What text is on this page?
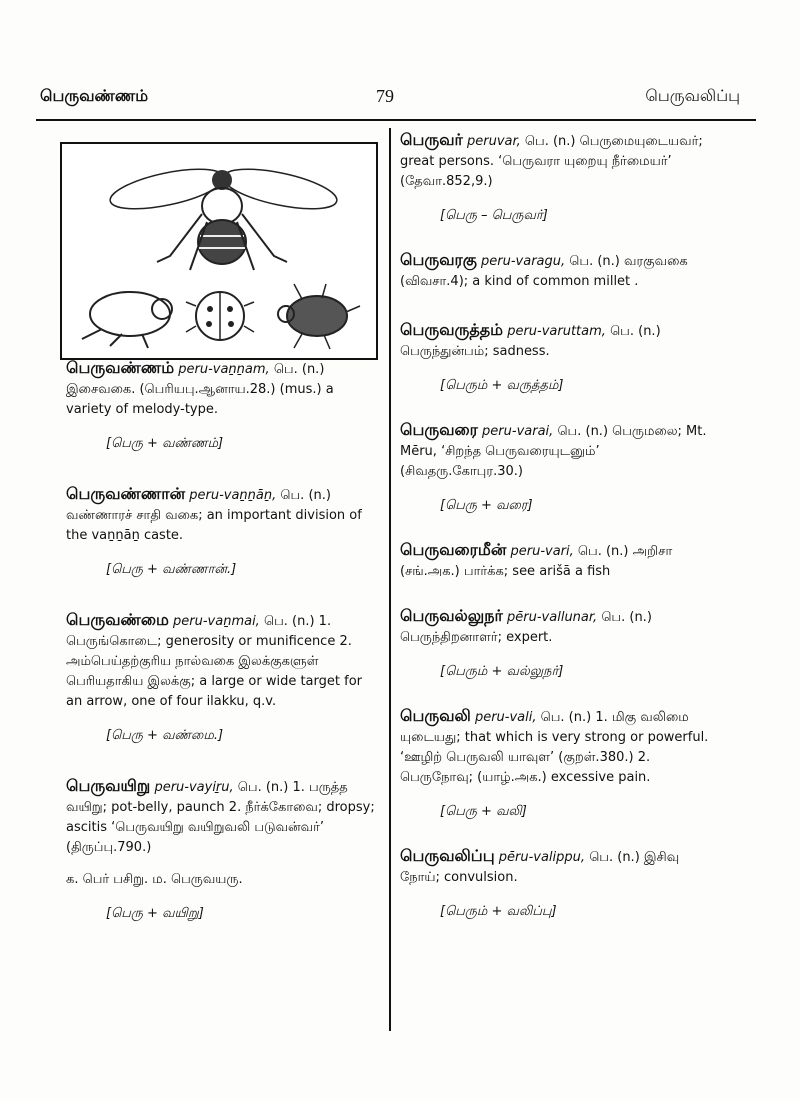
பெருவண்ணம்	79	பெருவலிப்பு
பெருவண்ணம் peru-vaṉṉam, பெ. (n.) இசைவகை. (பெரியபு.ஆனாய.28.) (mus.) a variety of melody-type.
[பெரு + வண்ணம்]
பெருவண்ணான் peru-vaṉṉāṉ, பெ. (n.) வண்ணாரச் சாதி வகை; an important division of the vaṉṉāṉ caste.
[பெரு + வண்ணான்.]
பெருவண்மை peru-vaṉmai, பெ. (n.) 1. பெருங்கொடை; generosity or munificence 2. அம்பெய்தற்குரிய நால்வகை இலக்குகளுள் பெரியதாகிய இலக்கு; a large or wide target for an arrow, one of four ilakku, q.v.
[பெரு + வண்மை.]
பெருவயிறு peru-vayiṟu, பெ. (n.) 1. பருத்த வயிறு; pot-belly, paunch 2. நீர்க்கோவை; dropsy; ascitis ‘பெருவயிறு வயிறுவலி படுவன்வர்’ (திருப்பு.790.)
க. பெர் பசிறு. ம. பெருவயரு.
[பெரு + வயிறு]
பெருவர் peruvar, பெ. (n.) பெருமையுடையவர்; great persons. ‘பெருவரா யுறையு நீர்மையர்’ (தேவா.852,9.)
[பெரு – பெருவர்]
பெருவரகு peru-varagu, பெ. (n.) வரகுவகை (விவசா.4); a kind of common millet .
பெருவருத்தம் peru-varuttam, பெ. (n.) பெருந்துன்பம்; sadness.
[பெரும் + வருத்தம்]
பெருவரை peru-varai, பெ. (n.) பெருமலை; Mt. Mēru, ‘சிறந்த பெருவரையுடனும்’ (சிவதரு.கோபுர.30.)
[பெரு + வரை]
பெருவரைமீன் peru-vari, பெ. (n.) அறிசா (சங்.அக.) பார்க்க; see arišā a fish
பெருவல்லுநர் pēru-vallunar, பெ. (n.) பெருந்திறனாளர்; expert.
[பெரும் + வல்லுநர்]
பெருவலி peru-vali, பெ. (n.) 1. மிகு வலிமை யுடையது; that which is very strong or powerful. ‘ஊழிற் பெருவலி யாவுள’ (குறள்.380.) 2. பெருநோவு; (யாழ்.அக.) excessive pain.
[பெரு + வலி]
பெருவலிப்பு pēru-valippu, பெ. (n.) இசிவு நோய்; convulsion.
[பெரும் + வலிப்பு]
